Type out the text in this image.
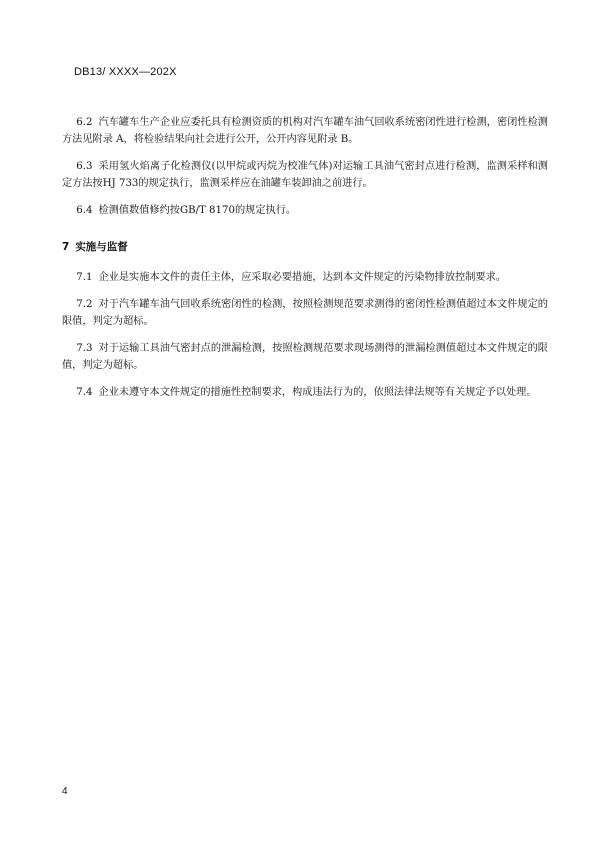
DB13/ XXXX—202X

6.2 汽车罐车生产企业应委托具有检测资质的机构对汽车罐车油气回收系统密闭性进行检测，密闭性检测方法见附录 A，将检验结果向社会进行公开，公开内容见附录 B。

6.3 采用氢火焰离子化检测仪(以甲烷或丙烷为校准气体)对运输工具油气密封点进行检测，监测采样和测定方法按HJ 733的规定执行，监测采样应在油罐车装卸油之前进行。

6.4 检测值数值修约按GB/T 8170的规定执行。

7 实施与监督

7.1 企业是实施本文件的责任主体，应采取必要措施，达到本文件规定的污染物排放控制要求。

7.2 对于汽车罐车油气回收系统密闭性的检测，按照检测规范要求测得的密闭性检测值超过本文件规定的限值，判定为超标。

7.3 对于运输工具油气密封点的泄漏检测，按照检测规范要求现场测得的泄漏检测值超过本文件规定的限值，判定为超标。

7.4 企业未遵守本文件规定的措施性控制要求，构成违法行为的，依照法律法规等有关规定予以处理。

4
